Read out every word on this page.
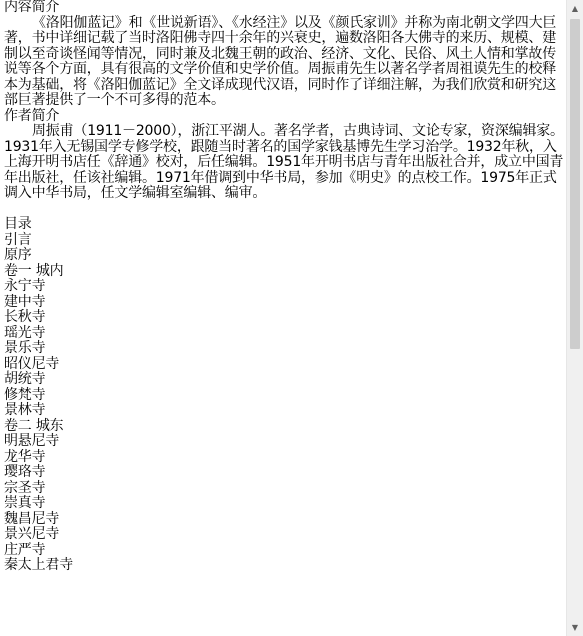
内容简介

《洛阳伽蓝记》和《世说新语》、《水经注》以及《颜氏家训》并称为南北朝文学四大巨著，书中详细记载了当时洛阳佛寺四十余年的兴衰史，遍数洛阳各大佛寺的来历、规模、建制以至奇谈怪闻等情况，同时兼及北魏王朝的政治、经济、文化、民俗、风土人情和掌故传说等各个方面，具有很高的文学价值和史学价值。周振甫先生以著名学者周祖谟先生的校释本为基础，将《洛阳伽蓝记》全文译成现代汉语，同时作了详细注解，为我们欣赏和研究这部巨著提供了一个不可多得的范本。

作者简介

周振甫（1911－2000），浙江平湖人。著名学者，古典诗词、文论专家，资深编辑家。1931年入无锡国学专修学校，跟随当时著名的国学家钱基博先生学习治学。1932年秋，入上海开明书店任《辞通》校对，后任编辑。1951年开明书店与青年出版社合并，成立中国青年出版社，任该社编辑。1971年借调到中华书局，参加《明史》的点校工作。1975年正式调入中华书局，任文学编辑室编辑、编审。

目录

引言

原序

卷一 城内

永宁寺

建中寺

长秋寺

瑶光寺

景乐寺

昭仪尼寺

胡统寺

修梵寺

景林寺

卷二 城东

明悬尼寺

龙华寺

璎珞寺

宗圣寺

崇真寺

魏昌尼寺

景兴尼寺

庄严寺

秦太上君寺

▲
▼
